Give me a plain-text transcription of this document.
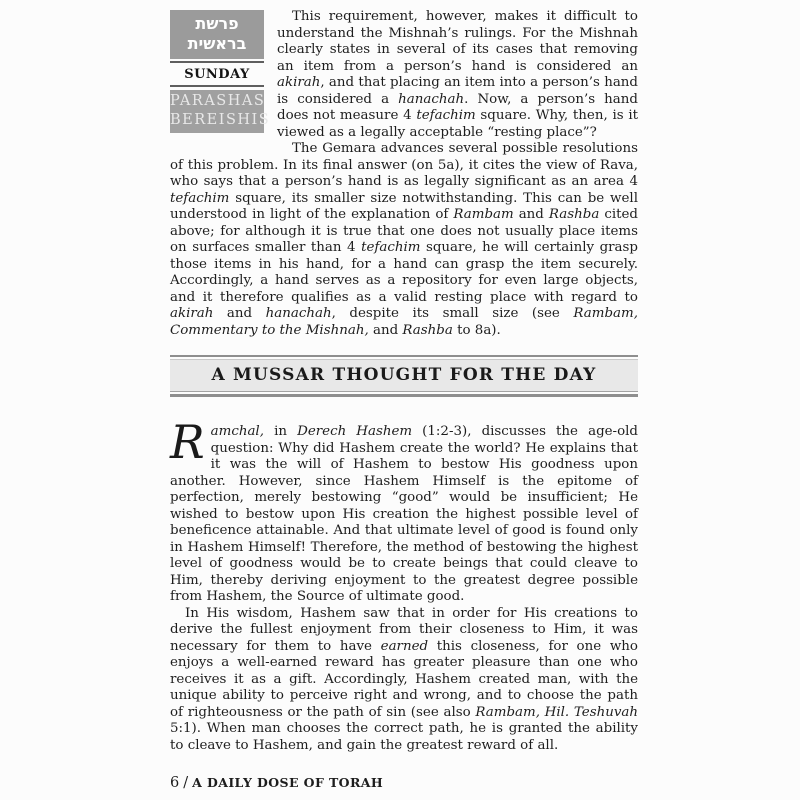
פרשת
בראשית
SUNDAY
PARASHAS
BEREISHIS

This requirement, however, makes it difficult to understand the Mishnah’s rulings. For the Mishnah clearly states in several of its cases that removing an item from a person’s hand is considered an akirah, and that placing an item into a person’s hand is considered a hanachah. Now, a person’s hand does not measure 4 tefachim square. Why, then, is it viewed as a legally acceptable “resting place”?

The Gemara advances several possible resolutions of this problem. In its final answer (on 5a), it cites the view of Rava, who says that a person’s hand is as legally significant as an area 4 tefachim square, its smaller size notwithstanding. This can be well understood in light of the explanation of Rambam and Rashba cited above; for although it is true that one does not usually place items on surfaces smaller than 4 tefachim square, he will certainly grasp those items in his hand, for a hand can grasp the item securely. Accordingly, a hand serves as a repository for even large objects, and it therefore qualifies as a valid resting place with regard to akirah and hanachah, despite its small size (see Rambam, Commentary to the Mishnah, and Rashba to 8a).

A MUSSAR THOUGHT FOR THE DAY

Ramchal, in Derech Hashem (1:2-3), discusses the age-old question: Why did Hashem create the world? He explains that it was the will of Hashem to bestow His goodness upon another. However, since Hashem Himself is the epitome of perfection, merely bestowing “good” would be insufficient; He wished to bestow upon His creation the highest possible level of beneficence attainable. And that ultimate level of good is found only in Hashem Himself! Therefore, the method of bestowing the highest level of goodness would be to create beings that could cleave to Him, thereby deriving enjoyment to the greatest degree possible from Hashem, the Source of ultimate good.

In His wisdom, Hashem saw that in order for His creations to derive the fullest enjoyment from their closeness to Him, it was necessary for them to have earned this closeness, for one who enjoys a well-earned reward has greater pleasure than one who receives it as a gift. Accordingly, Hashem created man, with the unique ability to perceive right and wrong, and to choose the path of righteousness or the path of sin (see also Rambam, Hil. Teshuvah 5:1). When man chooses the correct path, he is granted the ability to cleave to Hashem, and gain the greatest reward of all.

6 / A DAILY DOSE OF TORAH
